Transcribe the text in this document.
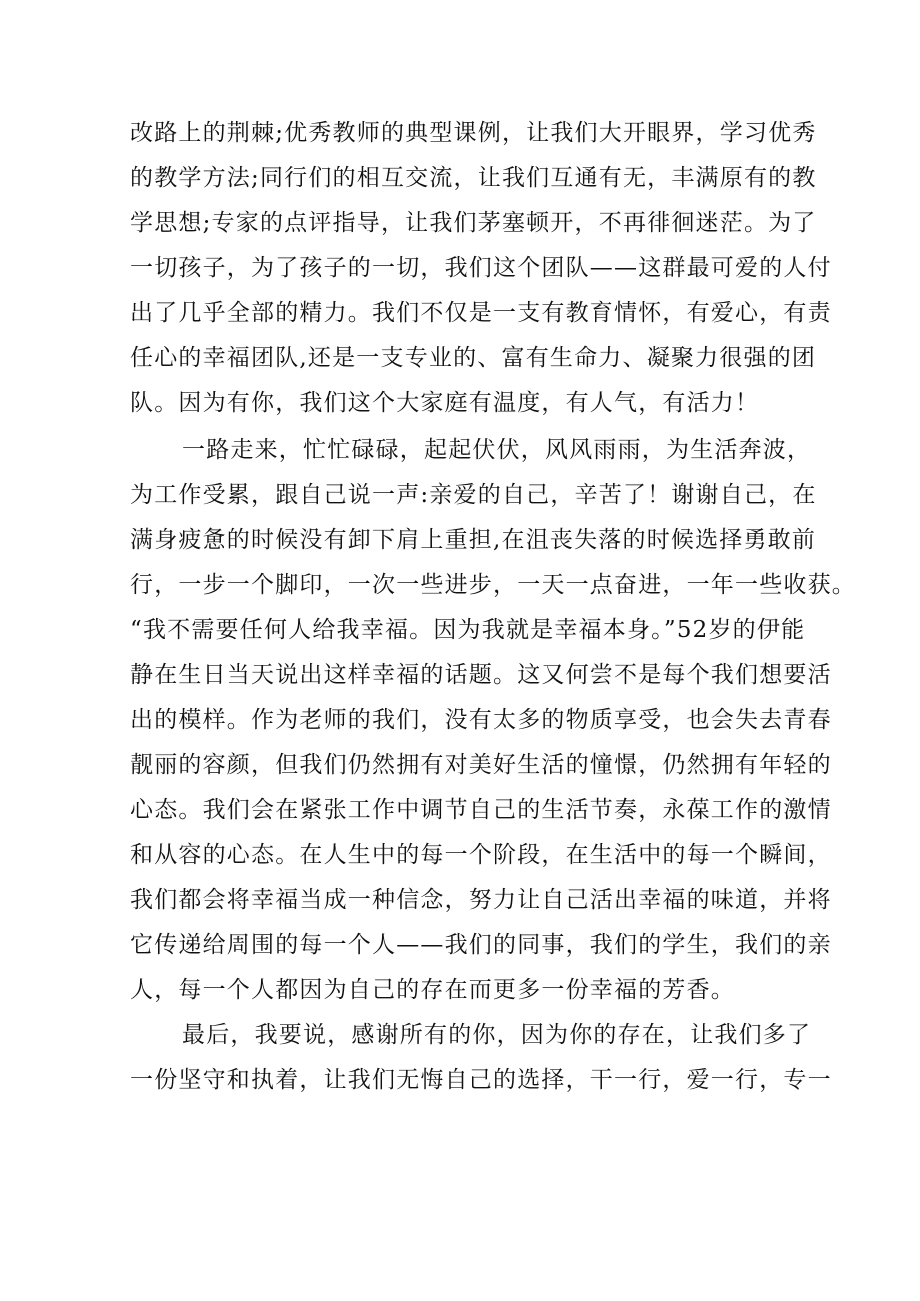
改路上的荆棘;优秀教师的典型课例，让我们大开眼界，学习优秀
的教学方法;同行们的相互交流，让我们互通有无，丰满原有的教
学思想;专家的点评指导，让我们茅塞顿开，不再徘徊迷茫。为了
一切孩子，为了孩子的一切，我们这个团队——这群最可爱的人付
出了几乎全部的精力。我们不仅是一支有教育情怀，有爱心，有责
任心的幸福团队,还是一支专业的、富有生命力、凝聚力很强的团
队。因为有你，我们这个大家庭有温度，有人气，有活力！
一路走来，忙忙碌碌，起起伏伏，风风雨雨，为生活奔波，
为工作受累，跟自己说一声:亲爱的自己，辛苦了！谢谢自己，在
满身疲惫的时候没有卸下肩上重担,在沮丧失落的时候选择勇敢前
行，一步一个脚印，一次一些进步，一天一点奋进，一年一些收获。
“我不需要任何人给我幸福。因为我就是幸福本身。”52岁的伊能
静在生日当天说出这样幸福的话题。这又何尝不是每个我们想要活
出的模样。作为老师的我们，没有太多的物质享受，也会失去青春
靓丽的容颜，但我们仍然拥有对美好生活的憧憬，仍然拥有年轻的
心态。我们会在紧张工作中调节自己的生活节奏，永葆工作的激情
和从容的心态。在人生中的每一个阶段，在生活中的每一个瞬间，
我们都会将幸福当成一种信念，努力让自己活出幸福的味道，并将
它传递给周围的每一个人——我们的同事，我们的学生，我们的亲
人，每一个人都因为自己的存在而更多一份幸福的芳香。
最后，我要说，感谢所有的你，因为你的存在，让我们多了
一份坚守和执着，让我们无悔自己的选择，干一行，爱一行，专一
